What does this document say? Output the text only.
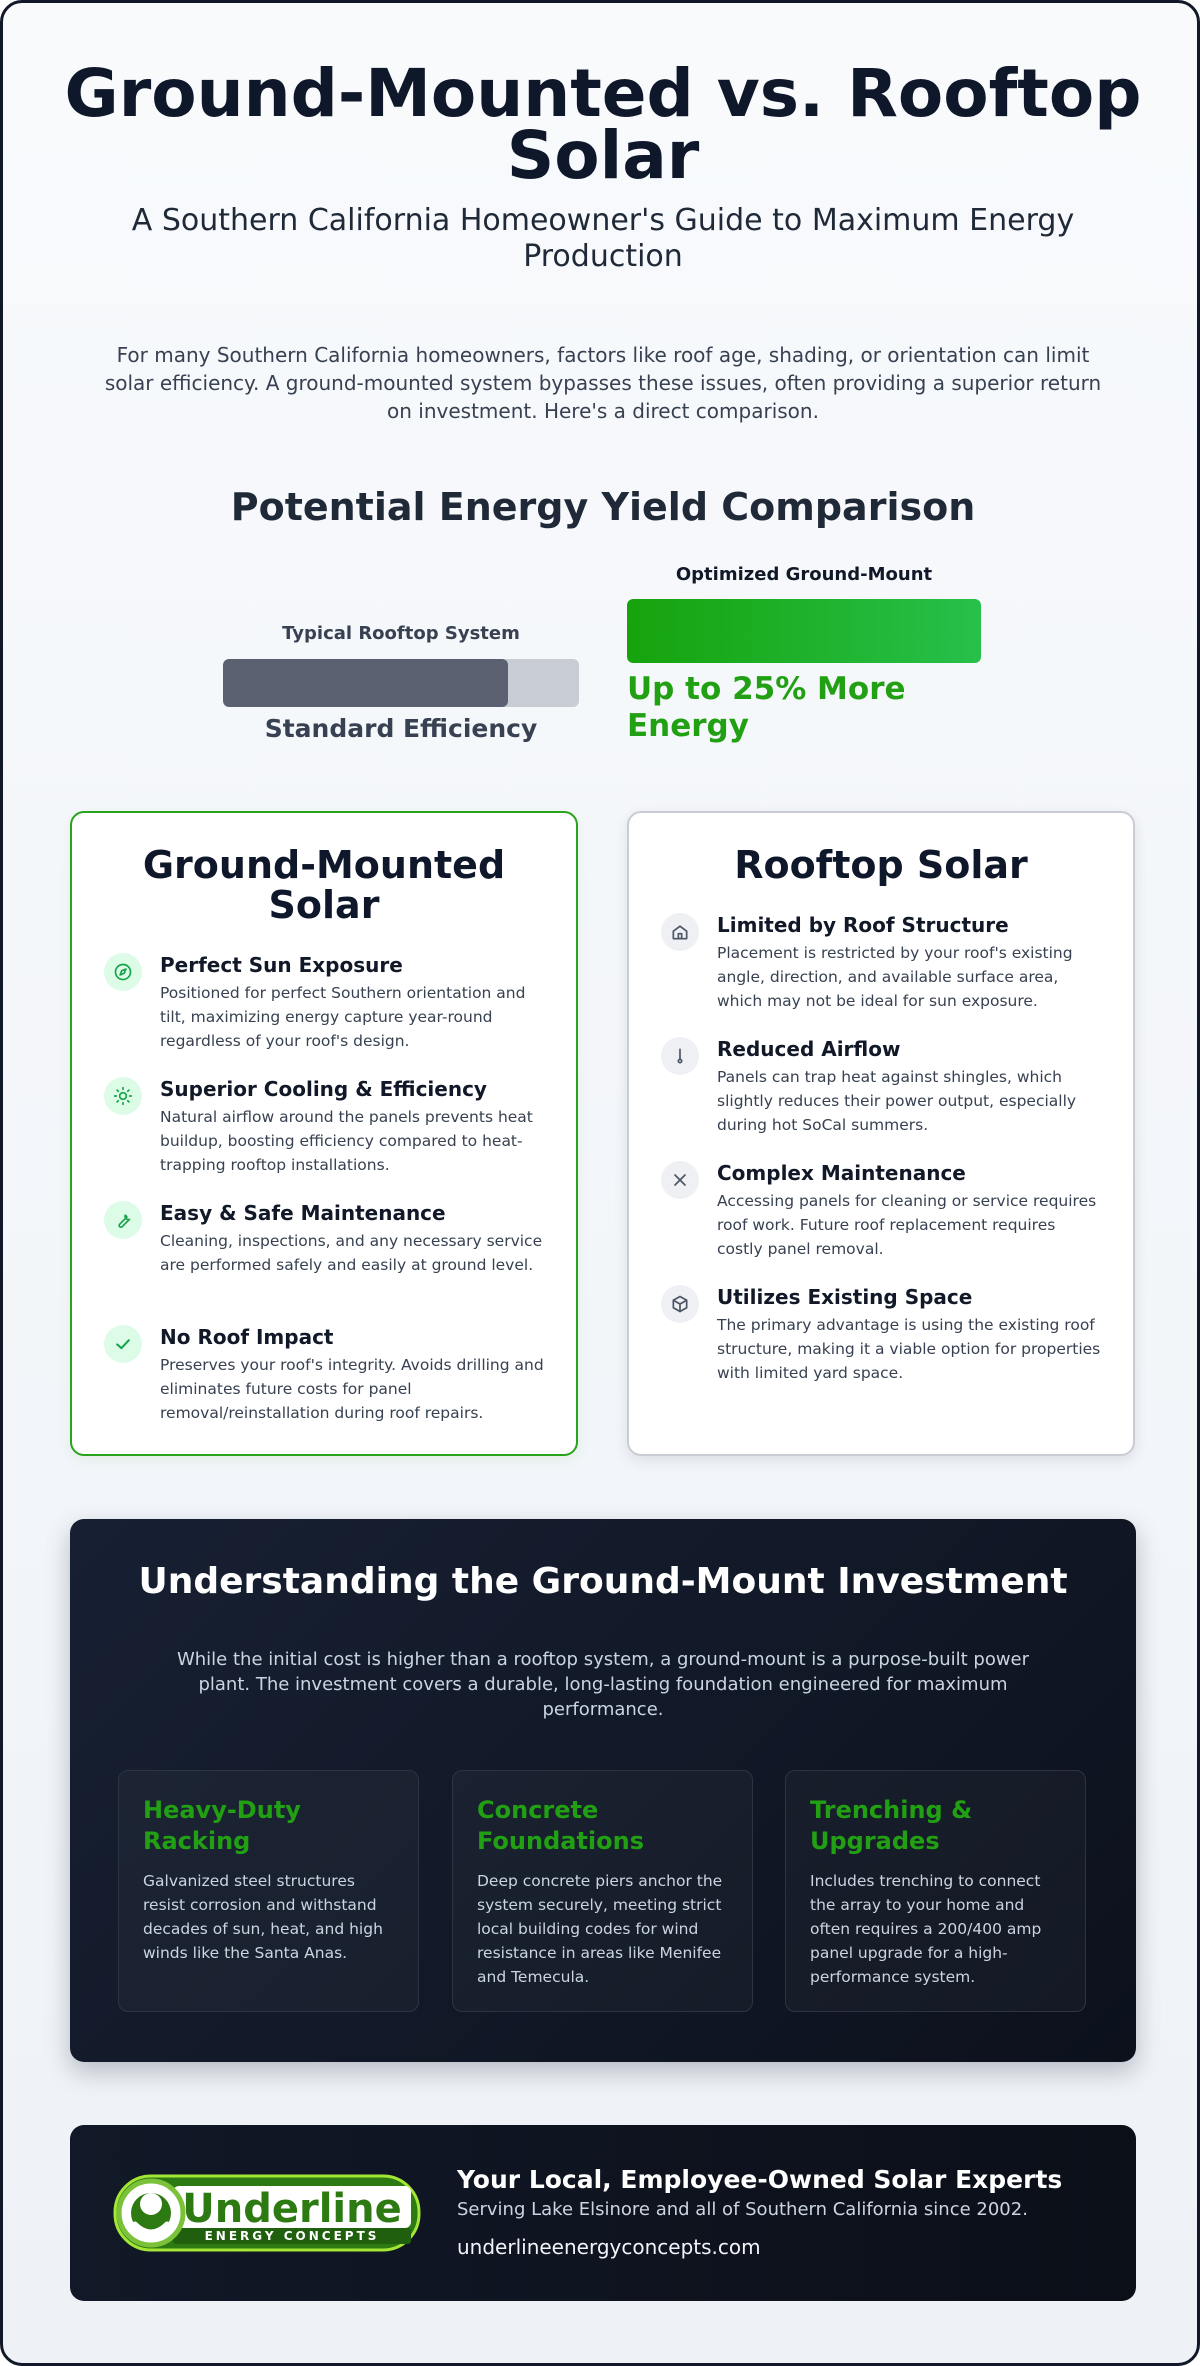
Ground-Mounted vs. Rooftop Solar
A Southern California Homeowner's Guide to Maximum Energy Production

For many Southern California homeowners, factors like roof age, shading, or orientation can limit solar efficiency. A ground-mounted system bypasses these issues, often providing a superior return on investment. Here's a direct comparison.

Potential Energy Yield Comparison
Typical Rooftop System
Standard Efficiency
Optimized Ground-Mount
Up to 25% More Energy
Ground-Mounted Solar
Perfect Sun Exposure
Positioned for perfect Southern orientation and tilt, maximizing energy capture year-round regardless of your roof's design.
Superior Cooling & Efficiency
Natural airflow around the panels prevents heat buildup, boosting efficiency compared to heat-trapping rooftop installations.
Easy & Safe Maintenance
Cleaning, inspections, and any necessary service are performed safely and easily at ground level.
No Roof Impact
Preserves your roof's integrity. Avoids drilling and eliminates future costs for panel removal/reinstallation during roof repairs.
Rooftop Solar
Limited by Roof Structure
Placement is restricted by your roof's existing angle, direction, and available surface area, which may not be ideal for sun exposure.
Reduced Airflow
Panels can trap heat against shingles, which slightly reduces their power output, especially during hot SoCal summers.
Complex Maintenance
Accessing panels for cleaning or service requires roof work. Future roof replacement requires costly panel removal.
Utilizes Existing Space
The primary advantage is using the existing roof structure, making it a viable option for properties with limited yard space.
Understanding the Ground-Mount Investment

While the initial cost is higher than a rooftop system, a ground-mount is a purpose-built power plant. The investment covers a durable, long-lasting foundation engineered for maximum performance.

Heavy-Duty Racking
Galvanized steel structures resist corrosion and withstand decades of sun, heat, and high winds like the Santa Anas.
Concrete Foundations
Deep concrete piers anchor the system securely, meeting strict local building codes for wind resistance in areas like Menifee and Temecula.
Trenching & Upgrades
Includes trenching to connect the array to your home and often requires a 200/400 amp panel upgrade for a high-performance system.
Underline
ENERGY CONCEPTS
Your Local, Employee-Owned Solar Experts
Serving Lake Elsinore and all of Southern California since 2002.
underlineenergyconcepts.com
